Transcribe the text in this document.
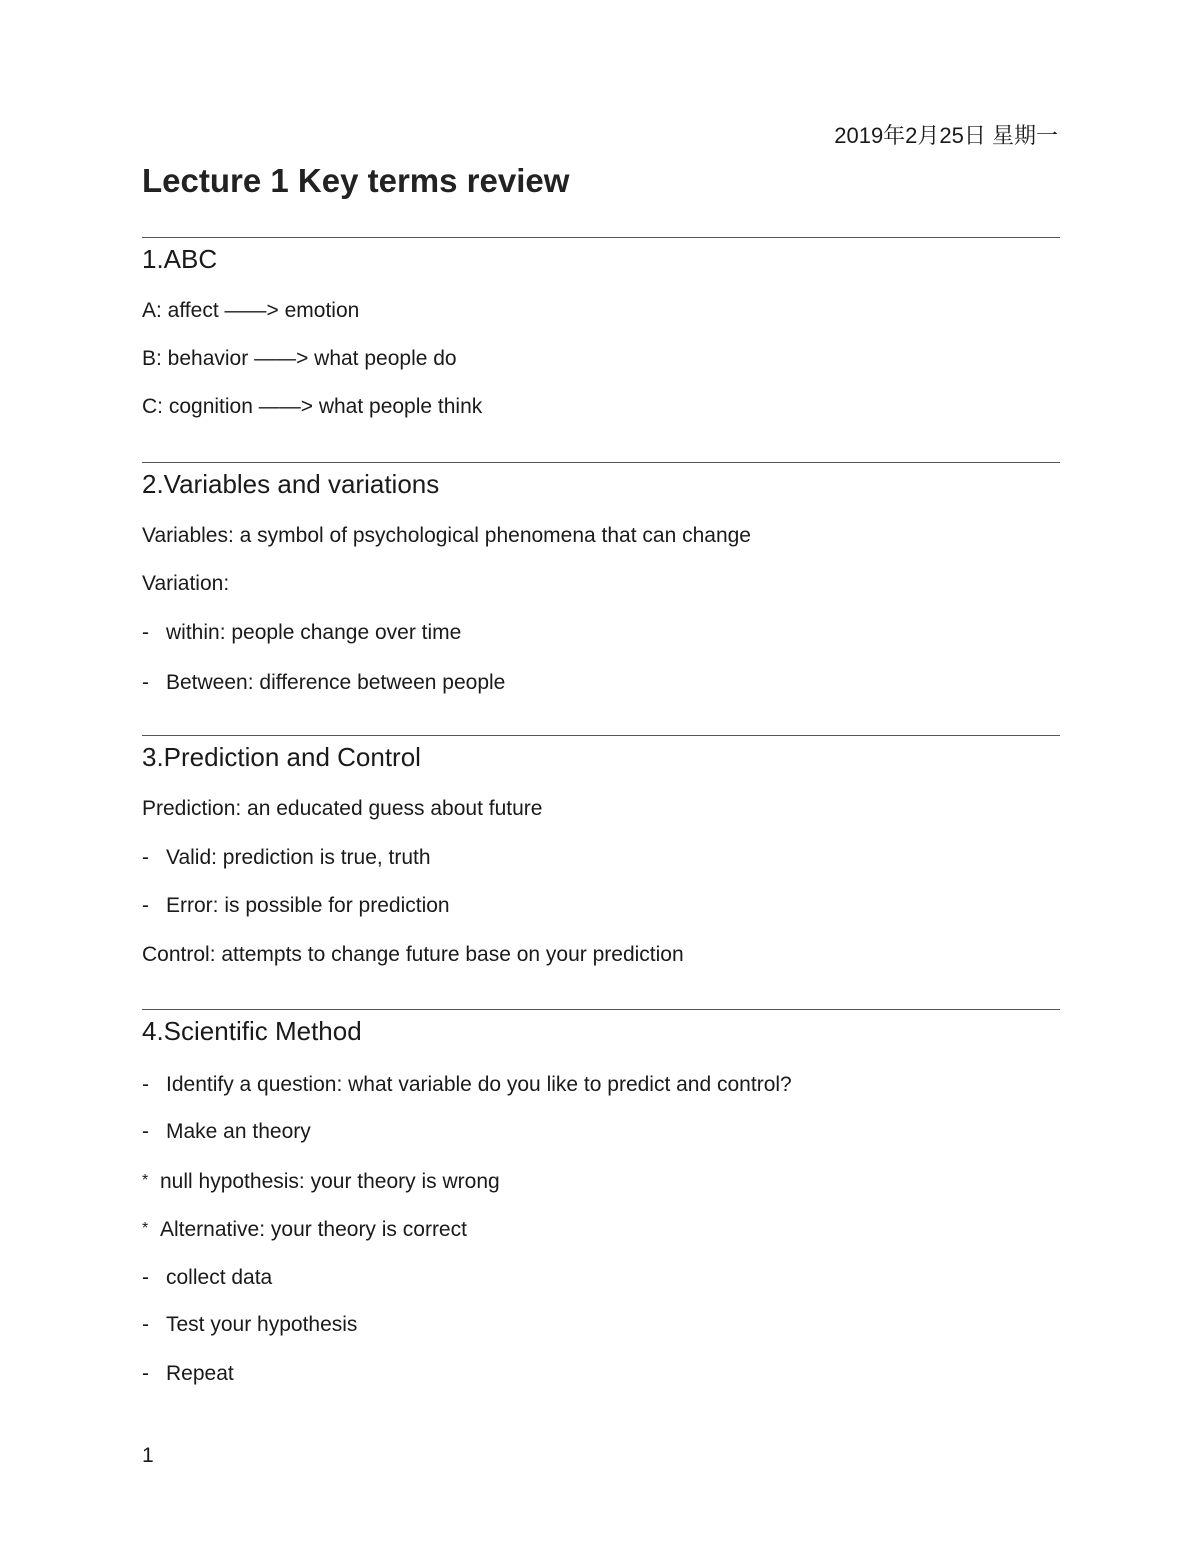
2019年2月25日 星期一
Lecture 1 Key terms review
1.ABC
A: affect ——> emotion
B: behavior ——> what people do
C: cognition ——> what people think
2.Variables and variations
Variables: a symbol of psychological phenomena that can change
Variation:
- within: people change over time
- Between: difference between people
3.Prediction and Control
Prediction: an educated guess about future
- Valid: prediction is true, truth
- Error: is possible for prediction
Control: attempts to change future base on your prediction
4.Scientific Method
- Identify a question: what variable do you like to predict and control?
- Make an theory
* null hypothesis: your theory is wrong
* Alternative: your theory is correct
- collect data
- Test your hypothesis
- Repeat
1
